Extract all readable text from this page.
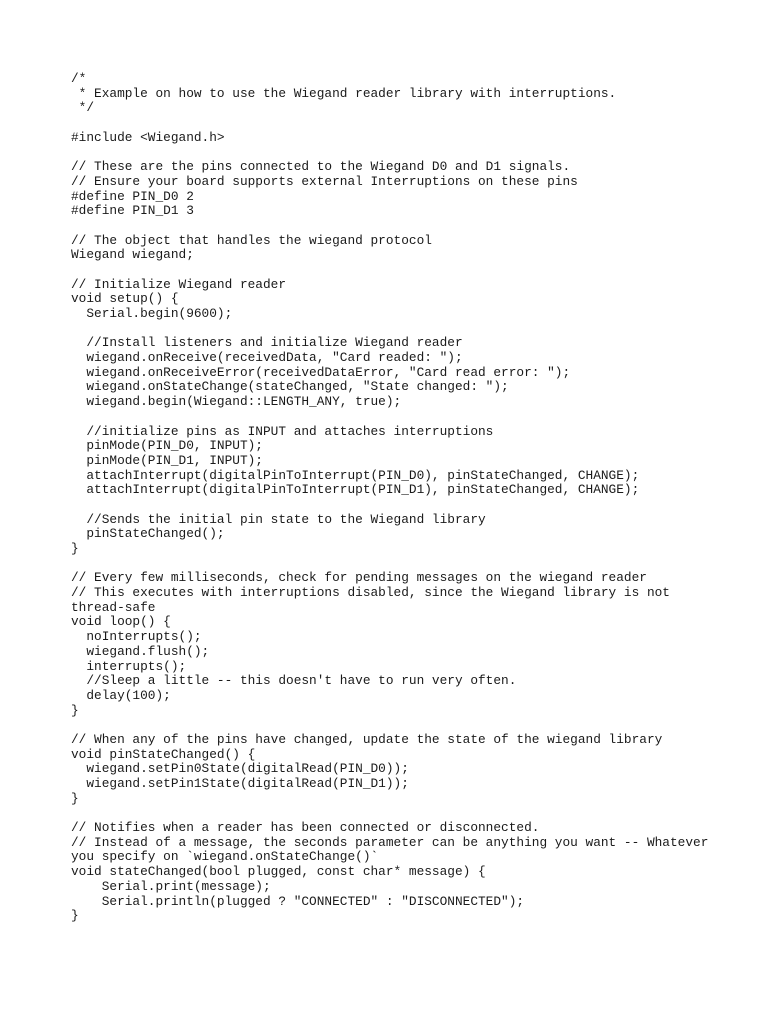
/*
* Example on how to use the Wiegand reader library with interruptions.
*/

#include <Wiegand.h>

// These are the pins connected to the Wiegand D0 and D1 signals.
// Ensure your board supports external Interruptions on these pins
#define PIN_D0 2
#define PIN_D1 3

// The object that handles the wiegand protocol
Wiegand wiegand;

// Initialize Wiegand reader
void setup() {
Serial.begin(9600);

//Install listeners and initialize Wiegand reader
wiegand.onReceive(receivedData, "Card readed: ");
wiegand.onReceiveError(receivedDataError, "Card read error: ");
wiegand.onStateChange(stateChanged, "State changed: ");
wiegand.begin(Wiegand::LENGTH_ANY, true);

//initialize pins as INPUT and attaches interruptions
pinMode(PIN_D0, INPUT);
pinMode(PIN_D1, INPUT);
attachInterrupt(digitalPinToInterrupt(PIN_D0), pinStateChanged, CHANGE);
attachInterrupt(digitalPinToInterrupt(PIN_D1), pinStateChanged, CHANGE);

//Sends the initial pin state to the Wiegand library
pinStateChanged();
}

// Every few milliseconds, check for pending messages on the wiegand reader
// This executes with interruptions disabled, since the Wiegand library is not
thread-safe
void loop() {
noInterrupts();
wiegand.flush();
interrupts();
//Sleep a little -- this doesn't have to run very often.
delay(100);
}

// When any of the pins have changed, update the state of the wiegand library
void pinStateChanged() {
wiegand.setPin0State(digitalRead(PIN_D0));
wiegand.setPin1State(digitalRead(PIN_D1));
}

// Notifies when a reader has been connected or disconnected.
// Instead of a message, the seconds parameter can be anything you want -- Whatever
you specify on `wiegand.onStateChange()`
void stateChanged(bool plugged, const char* message) {
Serial.print(message);
Serial.println(plugged ? "CONNECTED" : "DISCONNECTED");
}
